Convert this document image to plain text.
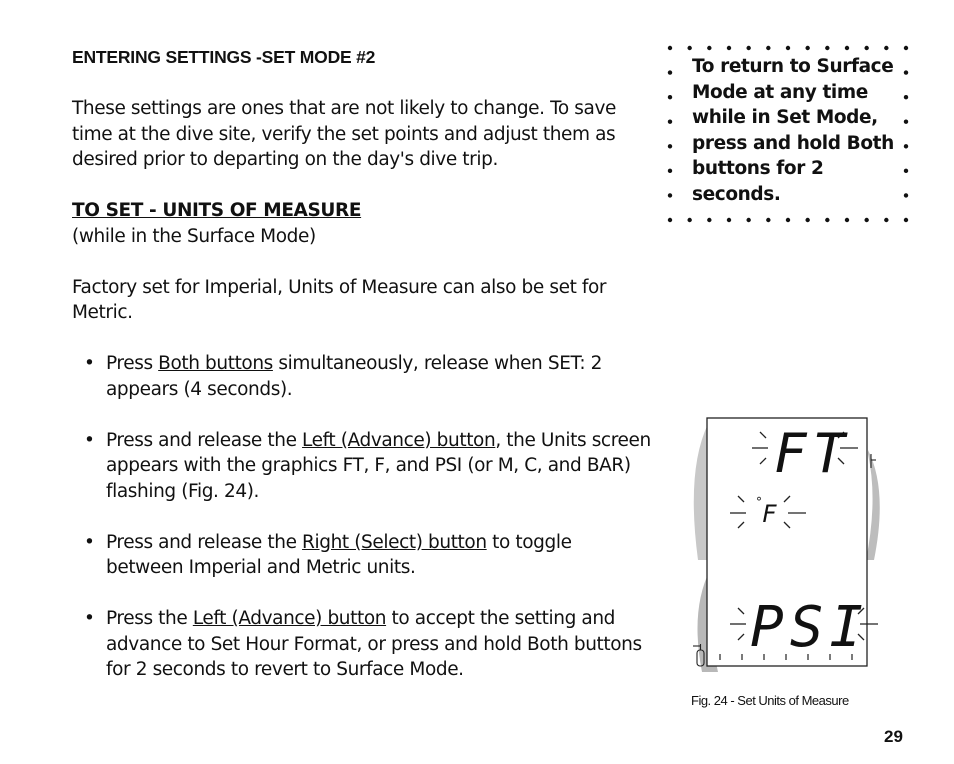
ENTERING SETTINGS -SET MODE #2

These settings are ones that are not likely to change. To save time at the dive site, verify the set points and adjust them as desired prior to departing on the day's dive trip.

TO SET - UNITS OF MEASURE

(while in the Surface Mode)

Factory set for Imperial, Units of Measure can also be set for Metric.

• Press Both buttons simultaneously, release when SET: 2 appears (4 seconds).
• Press and release the Left (Advance) button, the Units screen appears with the graphics FT, F, and PSI (or M, C, and BAR) flashing (Fig. 24).
• Press and release the Right (Select) button to toggle between Imperial and Metric units.
• Press the Left (Advance) button to accept the setting and advance to Set Hour Format, or press and hold Both buttons for 2 seconds to revert to Surface Mode.

To return to Surface Mode at any time while in Set Mode, press and hold Both buttons for 2 seconds.

FT
° F
PSI
Fig. 24 - Set Units of Measure
29
